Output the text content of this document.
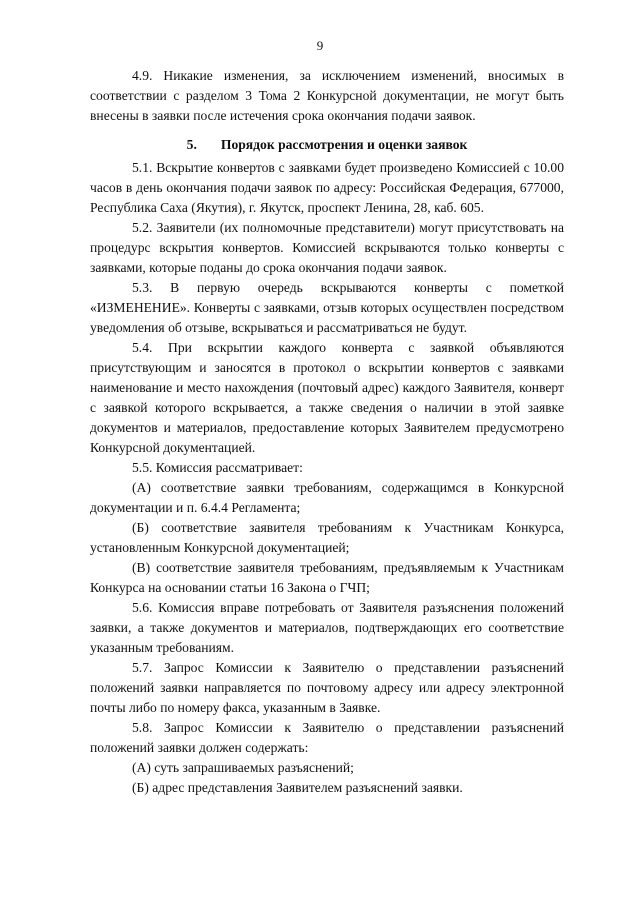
9

4.9. Никакие изменения, за исключением изменений, вносимых в соответствии с разделом 3 Тома 2 Конкурсной документации, не могут быть внесены в заявки после истечения срока окончания подачи заявок.

5. Порядок рассмотрения и оценки заявок

5.1. Вскрытие конвертов с заявками будет произведено Комиссией с 10.00 часов в день окончания подачи заявок по адресу: Российская Федерация, 677000, Республика Саха (Якутия), г. Якутск, проспект Ленина, 28, каб. 605.

5.2. Заявители (их полномочные представители) могут присутствовать на процедурс вскрытия конвертов. Комиссией вскрываются только конверты с заявками, которые поданы до срока окончания подачи заявок.

5.3. В первую очередь вскрываются конверты с пометкой «ИЗМЕНЕНИЕ». Конверты с заявками, отзыв которых осуществлен посредством уведомления об отзыве, вскрываться и рассматриваться не будут.

5.4. При вскрытии каждого конверта с заявкой объявляются присутствующим и заносятся в протокол о вскрытии конвертов с заявками наименование и место нахождения (почтовый адрес) каждого Заявителя, конверт с заявкой которого вскрывается, а также сведения о наличии в этой заявке документов и материалов, предоставление которых Заявителем предусмотрено Конкурсной документацией.

5.5. Комиссия рассматривает:

(А) соответствие заявки требованиям, содержащимся в Конкурсной документации и п. 6.4.4 Регламента;

(Б) соответствие заявителя требованиям к Участникам Конкурса, установленным Конкурсной документацией;

(В) соответствие заявителя требованиям, предъявляемым к Участникам Конкурса на основании статьи 16 Закона о ГЧП;

5.6. Комиссия вправе потребовать от Заявителя разъяснения положений заявки, а также документов и материалов, подтверждающих его соответствие указанным требованиям.

5.7. Запрос Комиссии к Заявителю о представлении разъяснений положений заявки направляется по почтовому адресу или адресу электронной почты либо по номеру факса, указанным в Заявке.

5.8. Запрос Комиссии к Заявителю о представлении разъяснений положений заявки должен содержать:

(А) суть запрашиваемых разъяснений;

(Б) адрес представления Заявителем разъяснений заявки.
